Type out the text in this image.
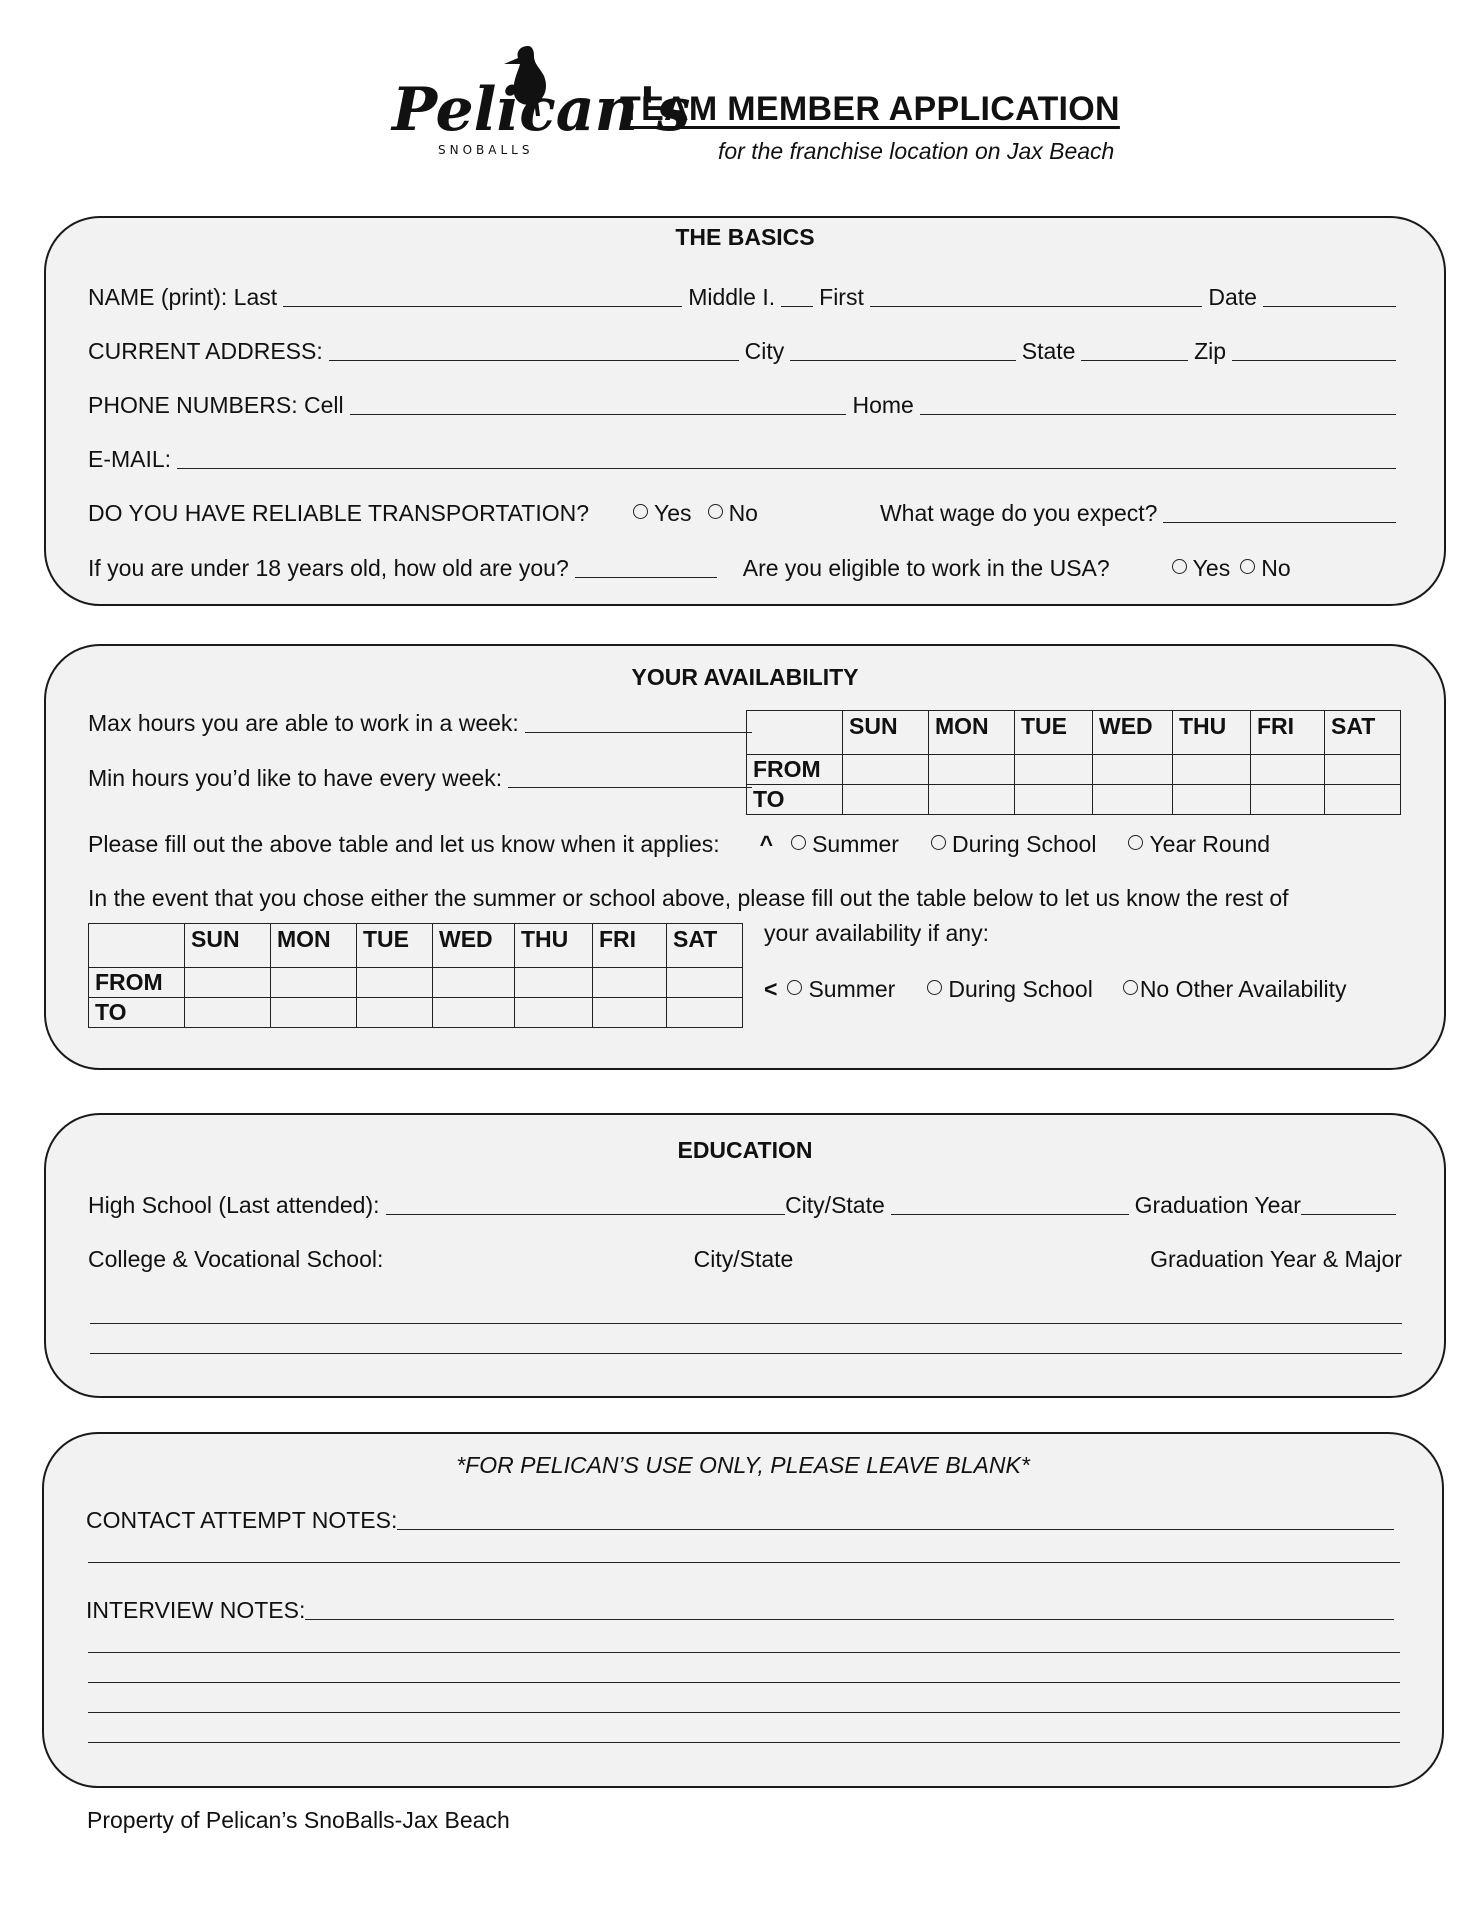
Pelican's
SNOBALLS
TEAM MEMBER APPLICATION
for the franchise location on Jax Beach
THE BASICS
NAME (print): Last	Middle I. First	Date
CURRENT ADDRESS:	City	State	Zip
PHONE NUMBERS: Cell	Home
E-MAIL:
DO YOU HAVE RELIABLE TRANSPORTATION?	Yes No	What wage do you expect?
If you are under 18 years old, how old are you?	Are you eligible to work in the USA?	Yes No
YOUR AVAILABILITY
Max hours you are able to work in a week:
Min hours you’d like to have every week:
	SUN	MON	TUE	WED	THU	FRI	SAT
FROM							
TO							
Please fill out the above table and let us know when it applies: ^ Summer During School Year Round
In the event that you chose either the summer or school above, please fill out the table below to let us know the rest of
your availability if any:
	SUN	MON	TUE	WED	THU	FRI	SAT
FROM							
TO							
< Summer During School No Other Availability
EDUCATION
High School (Last attended):	City/State	Graduation Year
College & Vocational School:	City/State	Graduation Year & Major
*FOR PELICAN’S USE ONLY, PLEASE LEAVE BLANK*
CONTACT ATTEMPT NOTES:
INTERVIEW NOTES:
Property of Pelican’s SnoBalls-Jax Beach
